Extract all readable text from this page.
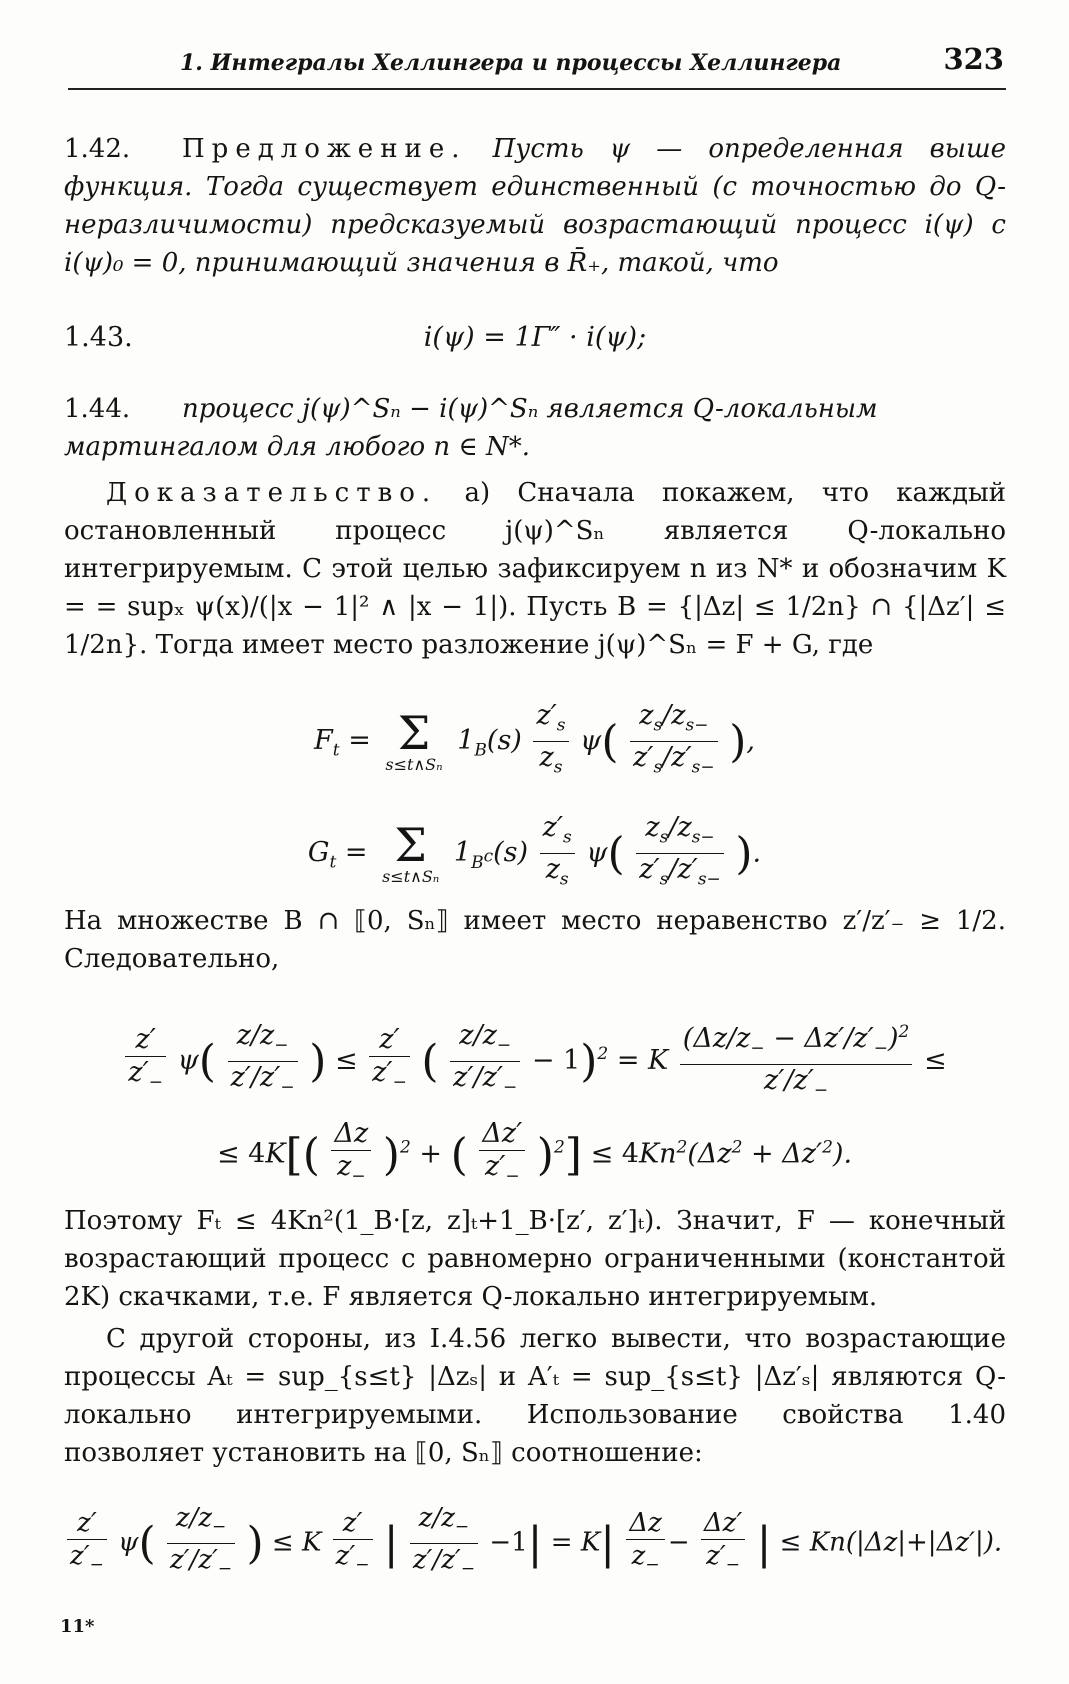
1. Интегралы Хеллингера и процессы Хеллингера	323
1.42. Предложение. Пусть ψ — определенная выше функция. Тогда существует единственный (с точностью до Q-неразличимости) предсказуемый возрастающий процесс i(ψ) с i(ψ)₀ = 0, принимающий значения в R̄₊, такой, что
1.43.	i(ψ) = 1Γ″ · i(ψ);
1.44. процесс j(ψ)^Sₙ − i(ψ)^Sₙ является Q-локальным мартингалом для любого n ∈ N*.
Доказательство. a) Сначала покажем, что каждый остановленный процесс j(ψ)^Sₙ является Q-локально интегрируемым. С этой целью зафиксируем n из N* и обозначим K = = supₓ ψ(x)/(|x − 1|² ∧ |x − 1|). Пусть B = {|Δz| ≤ 1/2n} ∩ {|Δz′| ≤ 1/2n}. Тогда имеет место разложение j(ψ)^Sₙ = F + G, где
$F_t = \Sigma$
s≤t∧Sₙ
$1_B(s) \frac{z'_s}{z_s} \psi( \frac{z_s/z_{s-}}{z'_s/z'_{s-}}$ ),
$G_t = \Sigma$
s≤t∧Sₙ
$1_{B^c}(s) \frac{z'_s}{z_s} \psi( \frac{z_s/z_{s-}}{z'_s/z'_{s-}}$ ).
На множестве B ∩ ⟦0, Sₙ⟧ имеет место неравенство z′/z′₋ ≥ 1/2. Следовательно,
$\frac{z'}{z'_-} \psi( \frac{z/z_-}{z'/z'_-}$ ) ≤ $\frac{z'}{z'_-}$ ( $\frac{z/z_-}{z'/z'_-} - 1)^2 = K \frac{(\Delta z/z_- - \Delta z'/z'_-)^2}{z'/z'_-}$ ≤
≤ $4K[( \frac{\Delta z}{z_-} )^2$ + ( $\frac{\Delta z'}{z'_-} )^2] \le 4Kn^2(\Delta z^2 + \Delta z'^2)$.
Поэтому Fₜ ≤ 4Kn²(1_B·[z, z]ₜ+1_B·[z′, z′]ₜ). Значит, F — конечный возрастающий процесс с равномерно ограниченными (константой 2K) скачками, т.е. F является Q-локально интегрируемым.
С другой стороны, из I.4.56 легко вывести, что возрастающие процессы Aₜ = sup_{s≤t} |Δzₛ| и A′ₜ = sup_{s≤t} |Δz′ₛ| являются Q-локально интегрируемыми. Использование свойства 1.40 позволяет установить на ⟦0, Sₙ⟧ соотношение:
$\frac{z'}{z'_-} \psi( \frac{z/z_-}{z'/z'_-}$ ) ≤ K $\frac{z'}{z'_-}$ | $\frac{z/z_-}{z'/z'_-} -1| = K| \frac{\Delta z}{z_-} - \frac{\Delta z'}{z'_-}$ | ≤ Kn(|Δz|+|Δz′|).
11*
